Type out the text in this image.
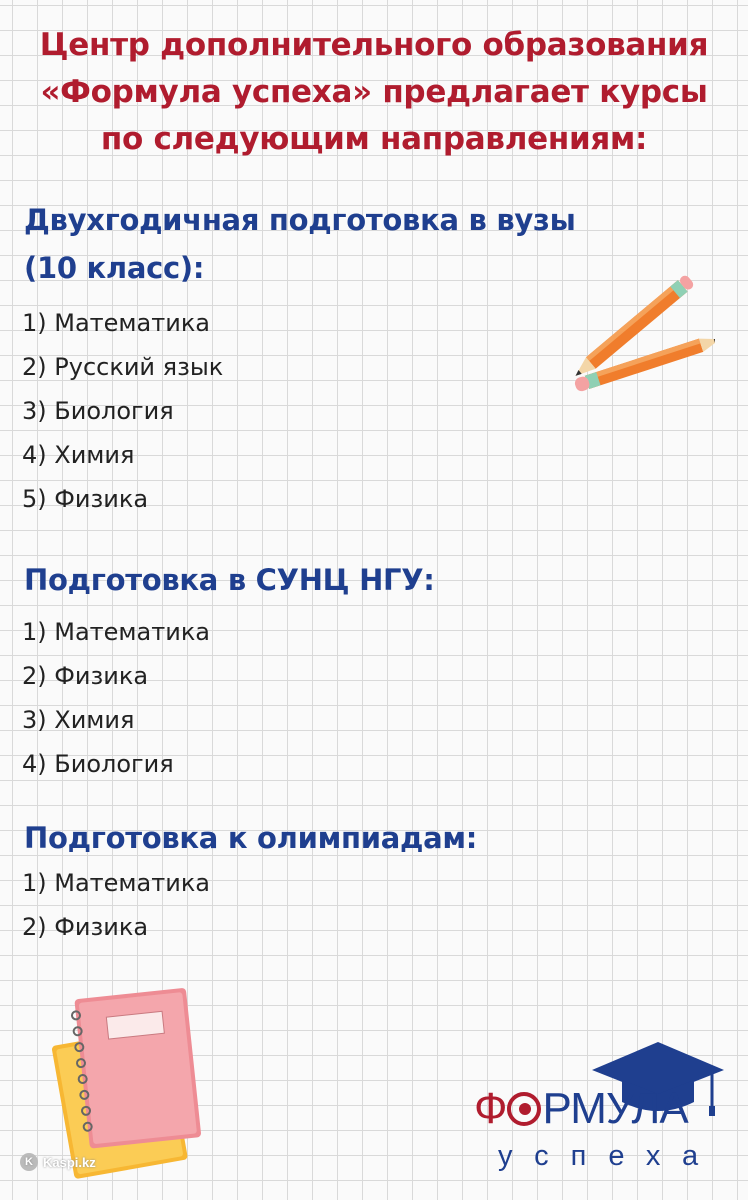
Центр дополнительного образования
«Формула успеха» предлагает курсы
по следующим направлениям:
Двухгодичная подготовка в вузы
(10 класс):
1) Математика
2) Русский язык
3) Биология
4) Химия
5) Физика
Подготовка в СУНЦ НГУ:
1) Математика
2) Физика
3) Химия
4) Биология
Подготовка к олимпиадам:
1) Математика
2) Физика
Ф РМУЛА
успеха
K Kaspi.kz
